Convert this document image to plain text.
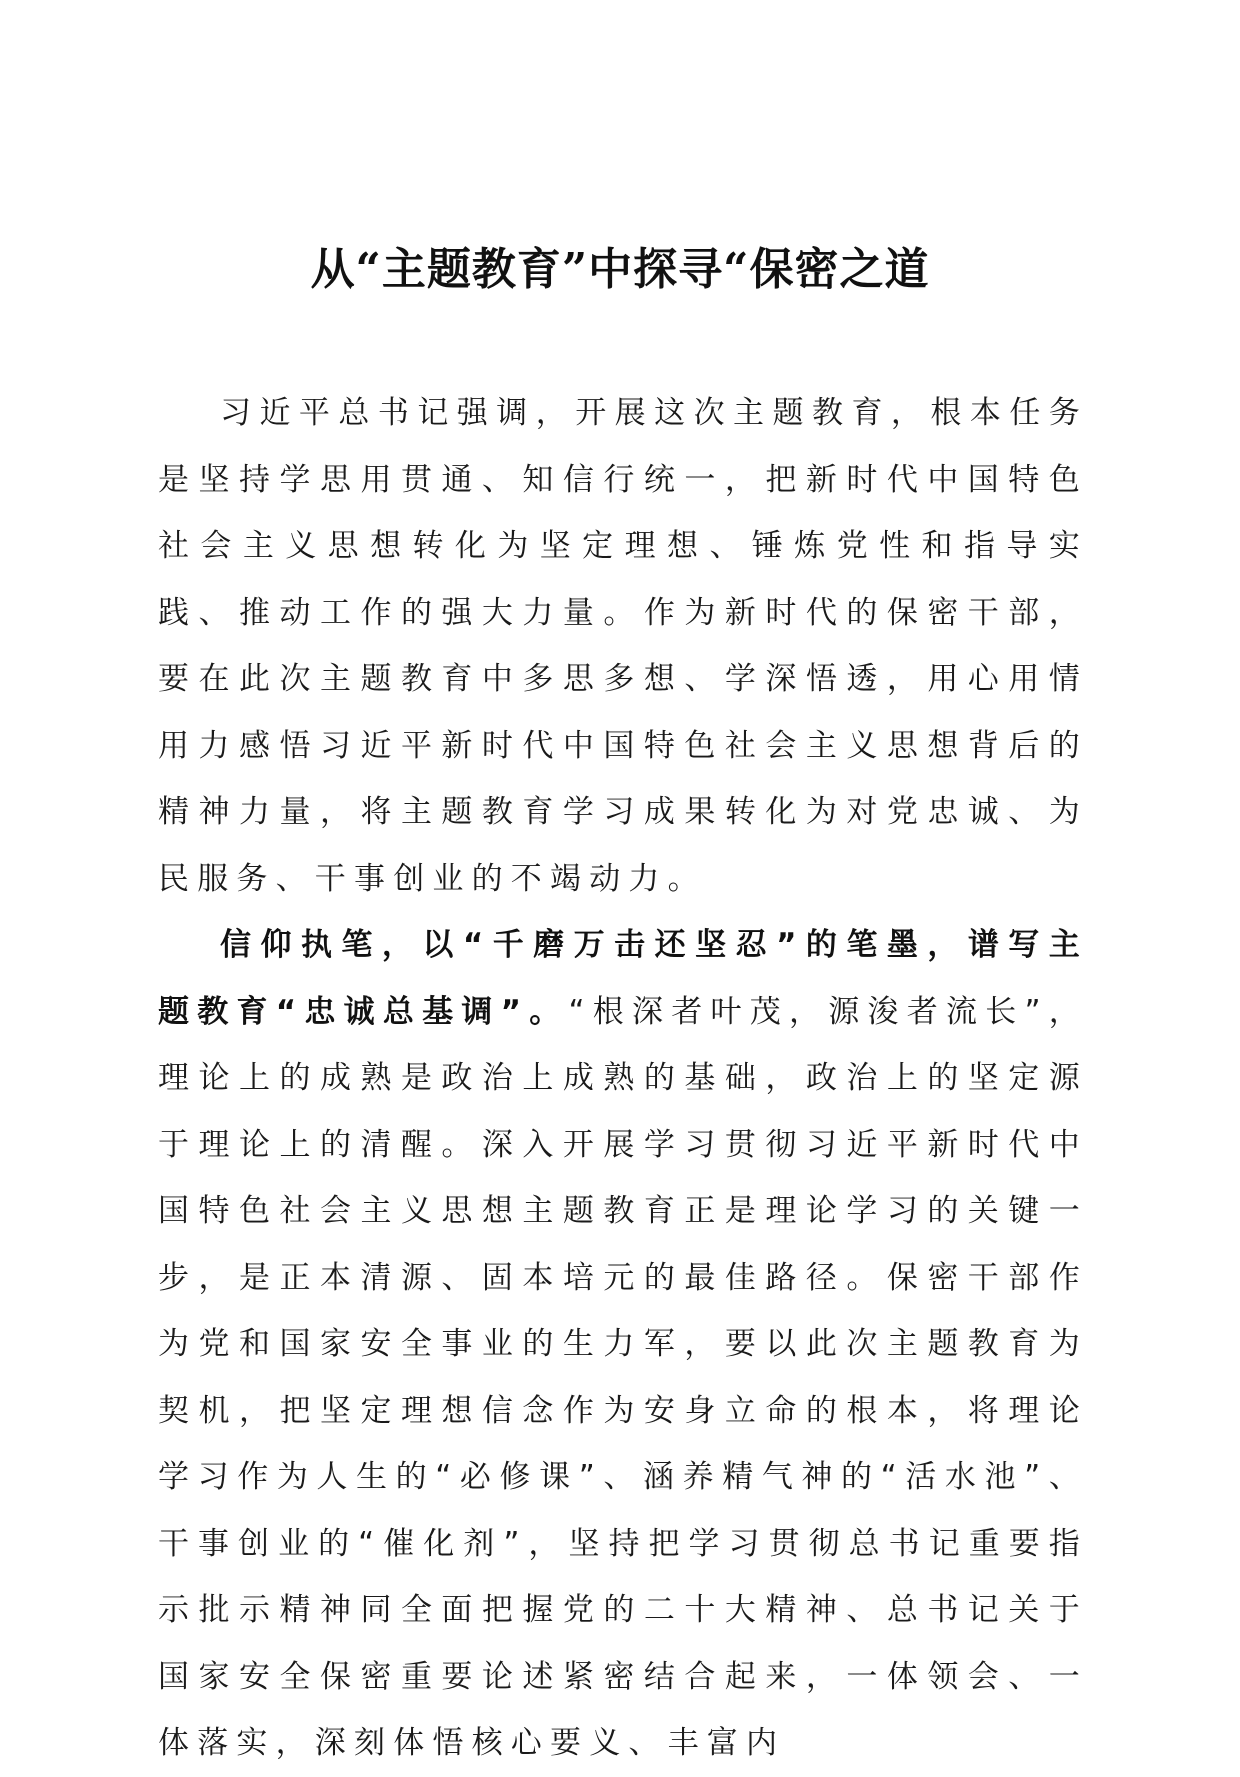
从“主题教育”中探寻“保密之道

习近平总书记强调，开展这次主题教育，根本任务是坚持学思用贯通、知信行统一，把新时代中国特色社会主义思想转化为坚定理想、锤炼党性和指导实践、推动工作的强大力量。作为新时代的保密干部，要在此次主题教育中多思多想、学深悟透，用心用情用力感悟习近平新时代中国特色社会主义思想背后的精神力量，将主题教育学习成果转化为对党忠诚、为民服务、干事创业的不竭动力。

信仰执笔，以“千磨万击还坚忍”的笔墨，谱写主题教育“忠诚总基调”。“根深者叶茂，源浚者流长”，理论上的成熟是政治上成熟的基础，政治上的坚定源于理论上的清醒。深入开展学习贯彻习近平新时代中国特色社会主义思想主题教育正是理论学习的关键一步，是正本清源、固本培元的最佳路径。保密干部作为党和国家安全事业的生力军，要以此次主题教育为契机，把坚定理想信念作为安身立命的根本，将理论学习作为人生的“必修课”、涵养精气神的“活水池”、干事创业的“催化剂”，坚持把学习贯彻总书记重要指示批示精神同全面把握党的二十大精神、总书记关于国家安全保密重要论述紧密结合起来，一体领会、一体落实，深刻体悟核心要义、丰富内
